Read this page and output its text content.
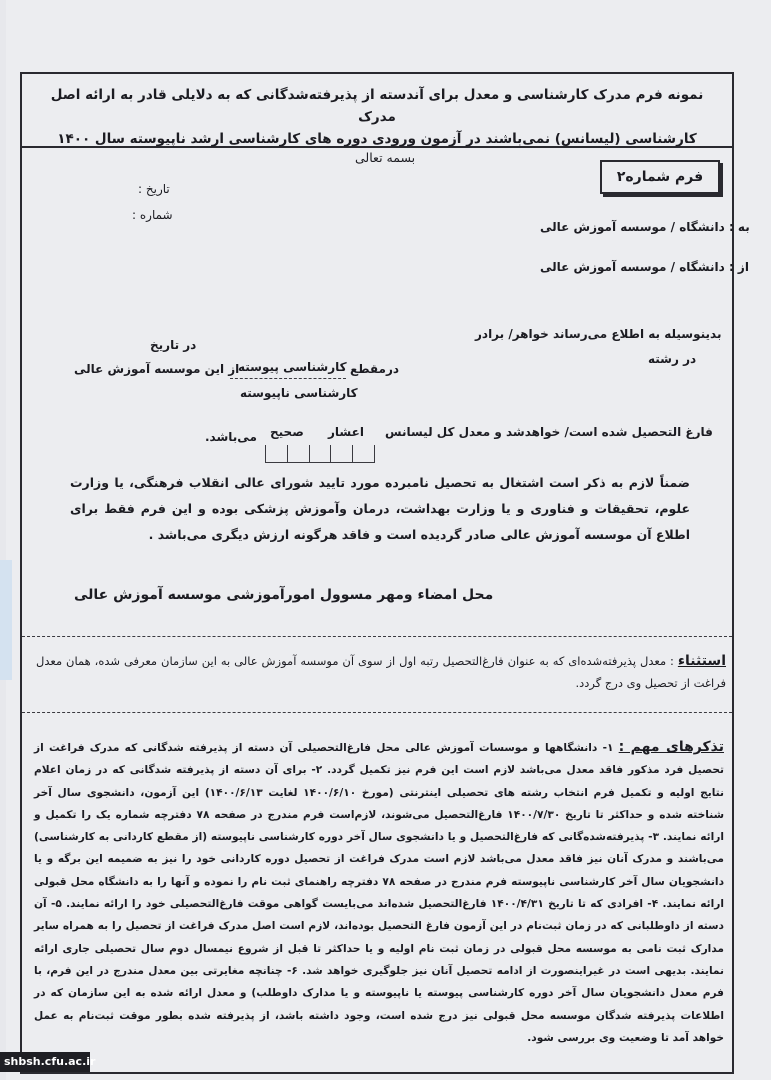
نمونه فرم مدرک کارشناسی و معدل برای آندسته از پذیرفته‌شدگانی که به دلایلی قادر به ارائه اصل مدرک
کارشناسی (لیسانس) نمی‌باشند در آزمون ورودی دوره های کارشناسی ارشد ناپیوسته سال ۱۴۰۰
بسمه تعالی
فرم شماره۲
تاریخ :
شماره :
به : دانشگاه / موسسه آموزش عالی
از : دانشگاه / موسسه آموزش عالی
بدینوسیله به اطلاع می‌رساند خواهر/ برادر
در رشته
در تاریخ
درمقطع
کارشناسی پیوسته
از این موسسه آموزش عالی
کارشناسی ناپیوسته
فارغ التحصیل شده است/ خواهدشد و معدل کل لیسانس
اعشار
صحیح
می‌باشد.
ضمناً لازم به ذکر است اشتغال به تحصیل نامبرده مورد تایید شورای عالی انقلاب فرهنگی، یا وزارت علوم، تحقیقات و فناوری و یا وزارت بهداشت، درمان وآموزش پزشکی بوده و این فرم فقط برای اطلاع آن موسسه آموزش عالی صادر گردیده است و فاقد هرگونه ارزش دیگری می‌باشد .
محل امضاء ومهر مسوول امورآموزشی موسسه آموزش عالی
استثناء : معدل پذیرفته‌شده‌ای که به عنوان فارغ‌التحصیل رتبه اول از سوی آن موسسه آموزش عالی به این سازمان معرفی شده، همان معدل فراغت از تحصیل وی درج گردد.
تذکرهای مهم : ۱- دانشگاهها و موسسات آموزش عالی محل فارغ‌التحصیلی آن دسته از پذیرفته شدگانی که مدرک فراغت از تحصیل فرد مذکور فاقد معدل می‌باشد لازم است این فرم نیز تکمیل گردد. ۲- برای آن دسته از پذیرفته شدگانی که در زمان اعلام نتایج اولیه و تکمیل فرم انتخاب رشته های تحصیلی اینترنتی (مورخ ۱۴۰۰/۶/۱۰ لغایت ۱۴۰۰/۶/۱۳) این آزمون، دانشجوی سال آخر شناخته شده و حداکثر تا تاریخ ۱۴۰۰/۷/۳۰ فارغ‌التحصیل می‌شوند، لازم‌است فرم مندرج در صفحه ۷۸ دفترچه شماره یک را تکمیل و ارائه نمایند. ۳- پذیرفته‌شده‌گانی که فارغ‌التحصیل و یا دانشجوی سال آخر دوره کارشناسی ناپیوسته (از مقطع کاردانی به کارشناسی) می‌باشند و مدرک آنان نیز فاقد معدل می‌باشد لازم است مدرک فراغت از تحصیل دوره کاردانی خود را نیز به ضمیمه این برگه و یا دانشجویان سال آخر کارشناسی ناپیوسته فرم مندرج در صفحه ۷۸ دفترچه راهنمای ثبت نام را نموده و آنها را به دانشگاه محل قبولی ارائه نمایند. ۴- افرادی که تا تاریخ ۱۴۰۰/۴/۳۱ فارغ‌التحصیل شده‌اند می‌بایست گواهی موقت فارغ‌التحصیلی خود را ارائه نمایند. ۵- آن دسته از داوطلبانی که در زمان ثبت‌نام در این آزمون فارغ التحصیل بوده‌اند، لازم است اصل مدرک فراغت از تحصیل را به همراه سایر مدارک ثبت نامی به موسسه محل قبولی در زمان ثبت نام اولیه و یا حداکثر تا قبل از شروع نیمسال دوم سال تحصیلی جاری ارائه نمایند. بدیهی است در غیراینصورت از ادامه تحصیل آنان نیز جلوگیری خواهد شد. ۶- چنانچه مغایرتی بین معدل مندرج در این فرم، با فرم معدل دانشجویان سال آخر دوره کارشناسی پیوسته یا ناپیوسته و یا مدارک داوطلب) و معدل ارائه شده به این سازمان که در اطلاعات پذیرفته شدگان موسسه محل قبولی نیز درج شده است، وجود داشته باشد، از پذیرفته شده بطور موقت ثبت‌نام به عمل خواهد آمد تا وضعیت وی بررسی شود.
shbsh.cfu.ac.ir
